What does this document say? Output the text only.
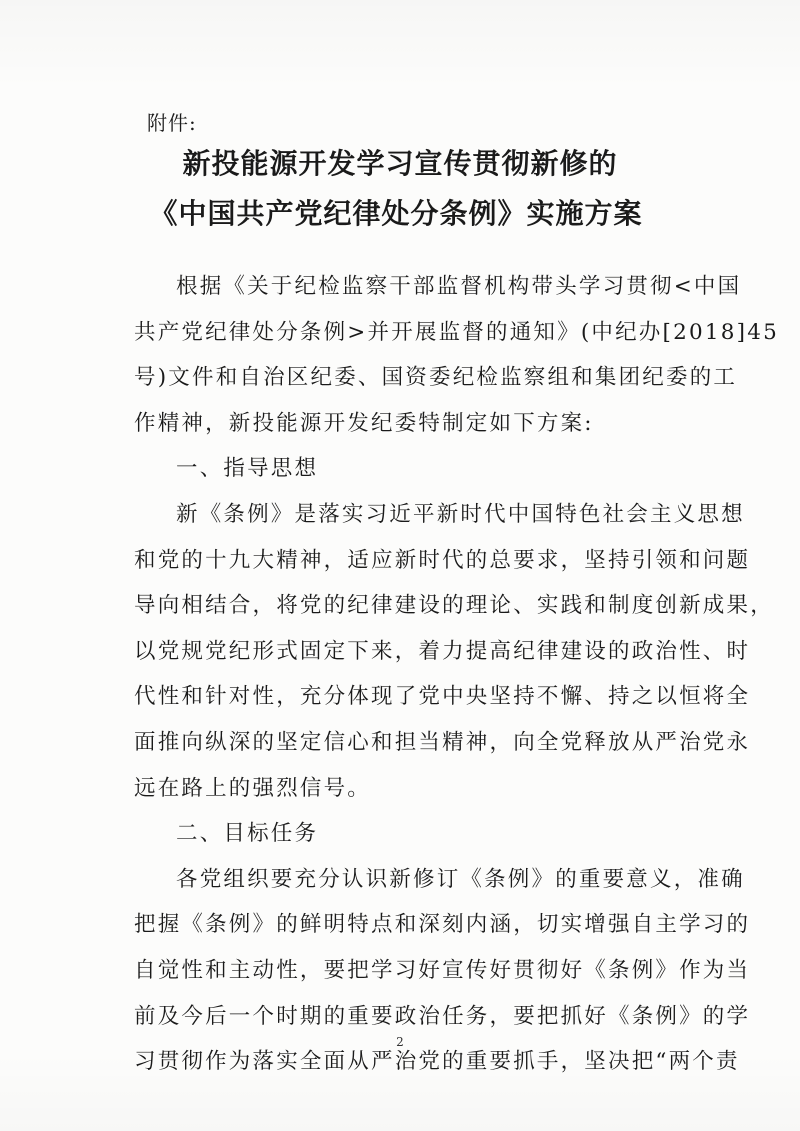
附件:
新投能源开发学习宣传贯彻新修的
《中国共产党纪律处分条例》实施方案
根据《关于纪检监察干部监督机构带头学习贯彻<中国
共产党纪律处分条例>并开展监督的通知》(中纪办[2018]45
号)文件和自治区纪委、国资委纪检监察组和集团纪委的工
作精神，新投能源开发纪委特制定如下方案:
一、指导思想
新《条例》是落实习近平新时代中国特色社会主义思想
和党的十九大精神，适应新时代的总要求，坚持引领和问题
导向相结合，将党的纪律建设的理论、实践和制度创新成果，
以党规党纪形式固定下来，着力提高纪律建设的政治性、时
代性和针对性，充分体现了党中央坚持不懈、持之以恒将全
面推向纵深的坚定信心和担当精神，向全党释放从严治党永
远在路上的强烈信号。
二、目标任务
各党组织要充分认识新修订《条例》的重要意义，准确
把握《条例》的鲜明特点和深刻内涵，切实增强自主学习的
自觉性和主动性，要把学习好宣传好贯彻好《条例》作为当
前及今后一个时期的重要政治任务，要把抓好《条例》的学
习贯彻作为落实全面从严治党的重要抓手，坚决把“两个责
2
